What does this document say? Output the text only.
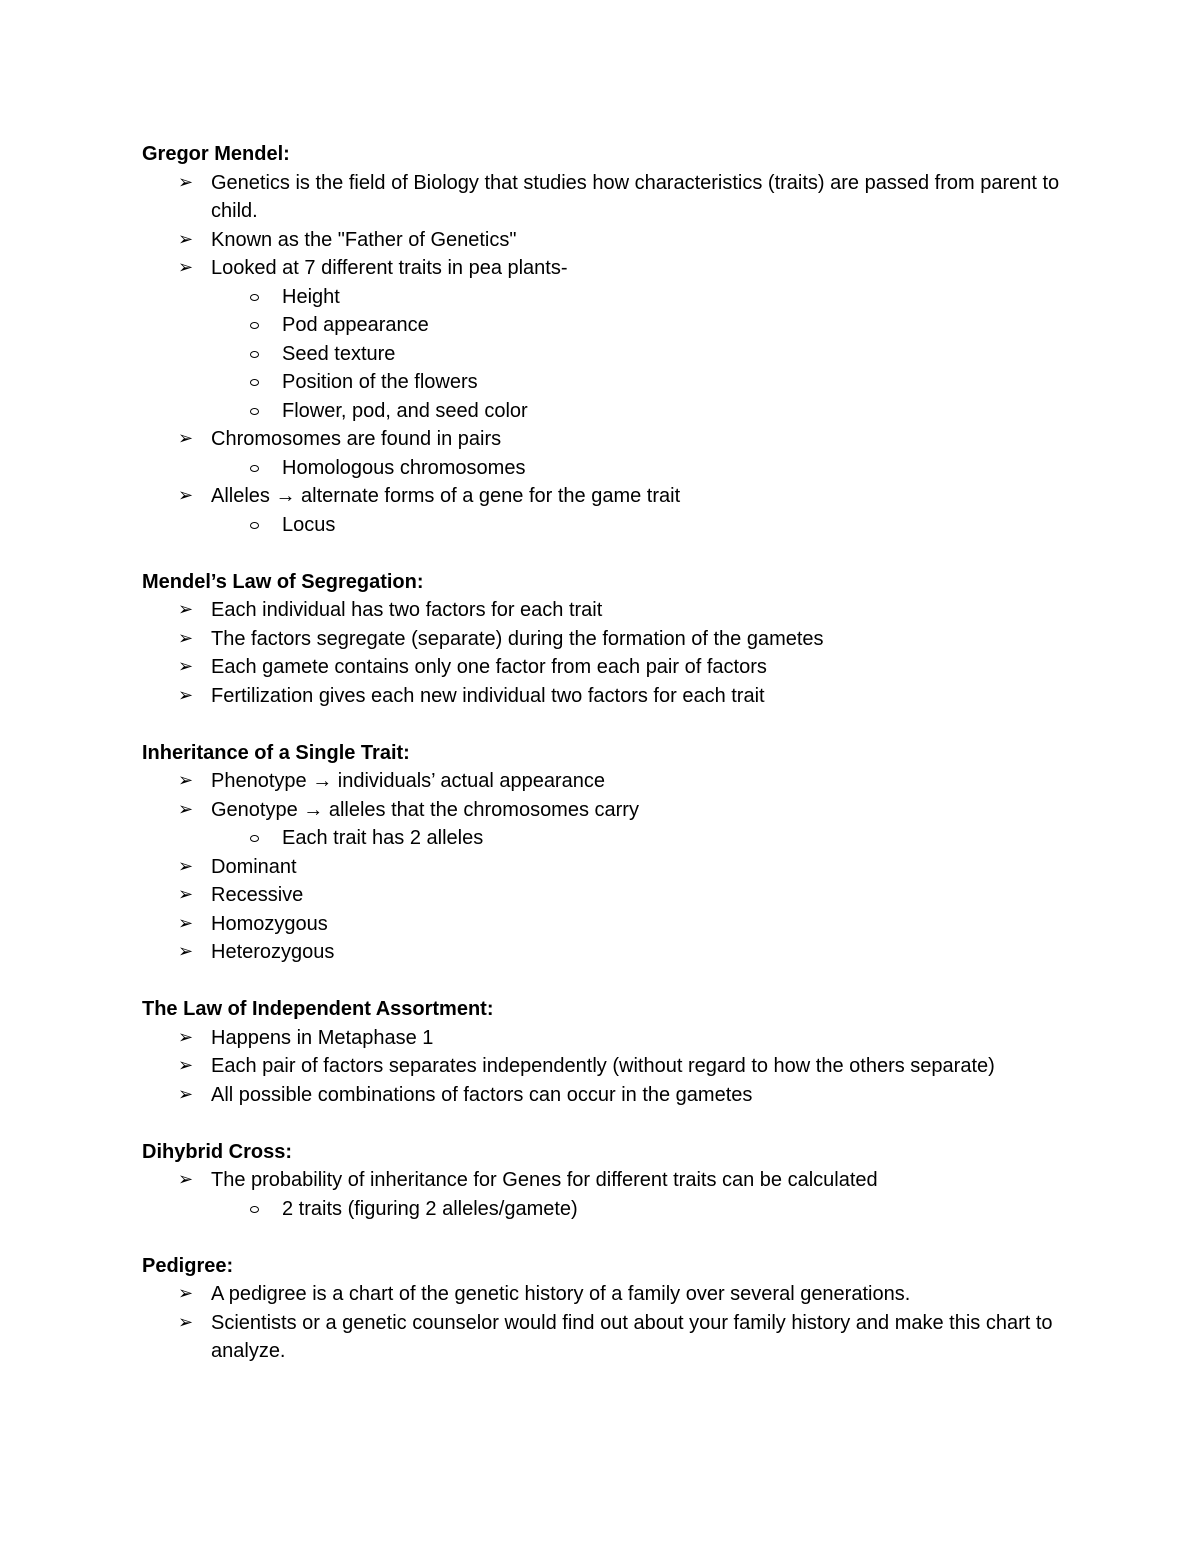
Gregor Mendel:
➢ Genetics is the field of Biology that studies how characteristics (traits) are passed from parent to child.
➢ Known as the "Father of Genetics"
➢ Looked at 7 different traits in pea plants-
Height
Pod appearance
Seed texture
Position of the flowers
Flower, pod, and seed color
➢ Chromosomes are found in pairs
Homologous chromosomes
➢ Alleles → alternate forms of a gene for the game trait
Locus
Mendel’s Law of Segregation:
➢ Each individual has two factors for each trait
➢ The factors segregate (separate) during the formation of the gametes
➢ Each gamete contains only one factor from each pair of factors
➢ Fertilization gives each new individual two factors for each trait
Inheritance of a Single Trait:
➢ Phenotype → individuals’ actual appearance
➢ Genotype → alleles that the chromosomes carry
Each trait has 2 alleles
➢ Dominant
➢ Recessive
➢ Homozygous
➢ Heterozygous
The Law of Independent Assortment:
➢ Happens in Metaphase 1
➢ Each pair of factors separates independently (without regard to how the others separate)
➢ All possible combinations of factors can occur in the gametes
Dihybrid Cross:
➢ The probability of inheritance for Genes for different traits can be calculated
2 traits (figuring 2 alleles/gamete)
Pedigree:
➢ A pedigree is a chart of the genetic history of a family over several generations.
➢ Scientists or a genetic counselor would find out about your family history and make this chart to analyze.
